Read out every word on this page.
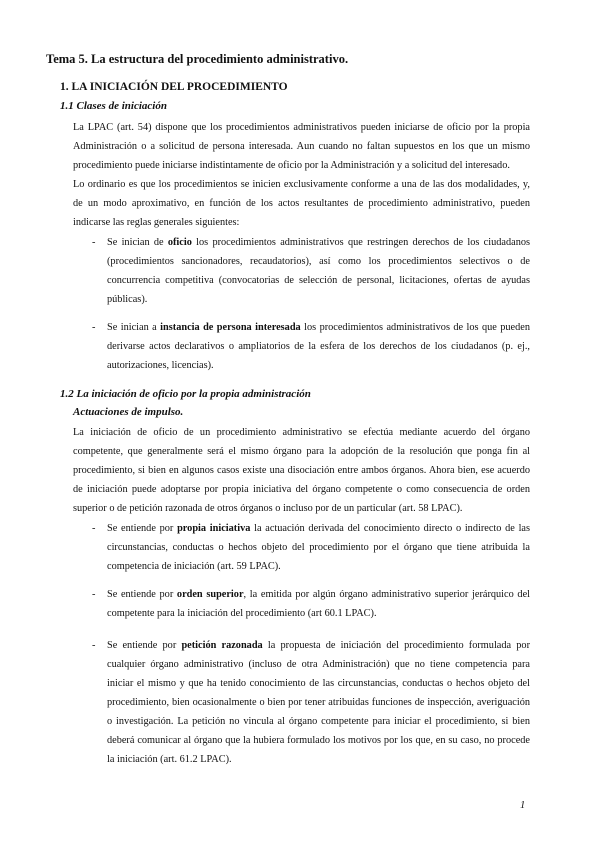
Tema 5. La estructura del procedimiento administrativo.
1. LA INICIACIÓN DEL PROCEDIMIENTO
1.1 Clases de iniciación

La LPAC (art. 54) dispone que los procedimientos administrativos pueden iniciarse de oficio por la propia Administración o a solicitud de persona interesada. Aun cuando no faltan supuestos en los que un mismo procedimiento puede iniciarse indistintamente de oficio por la Administración y a solicitud del interesado.

Lo ordinario es que los procedimientos se inicien exclusivamente conforme a una de las dos modalidades, y, de un modo aproximativo, en función de los actos resultantes de procedimiento administrativo, pueden indicarse las reglas generales siguientes:

- Se inician de oficio los procedimientos administrativos que restringen derechos de los ciudadanos (procedimientos sancionadores, recaudatorios), así como los procedimientos selectivos o de concurrencia competitiva (convocatorias de selección de personal, licitaciones, ofertas de ayudas públicas).

- Se inician a instancia de persona interesada los procedimientos administrativos de los que pueden derivarse actos declarativos o ampliatorios de la esfera de los derechos de los ciudadanos (p. ej., autorizaciones, licencias).

1.2 La iniciación de oficio por la propia administración
Actuaciones de impulso.

La iniciación de oficio de un procedimiento administrativo se efectúa mediante acuerdo del órgano competente, que generalmente será el mismo órgano para la adopción de la resolución que ponga fin al procedimiento, si bien en algunos casos existe una disociación entre ambos órganos. Ahora bien, ese acuerdo de iniciación puede adoptarse por propia iniciativa del órgano competente o como consecuencia de orden superior o de petición razonada de otros órganos o incluso por de un particular (art. 58 LPAC).

- Se entiende por propia iniciativa la actuación derivada del conocimiento directo o indirecto de las circunstancias, conductas o hechos objeto del procedimiento por el órgano que tiene atribuida la competencia de iniciación (art. 59 LPAC).

- Se entiende por orden superior, la emitida por algún órgano administrativo superior jerárquico del competente para la iniciación del procedimiento (art 60.1 LPAC).

- Se entiende por petición razonada la propuesta de iniciación del procedimiento formulada por cualquier órgano administrativo (incluso de otra Administración) que no tiene competencia para iniciar el mismo y que ha tenido conocimiento de las circunstancias, conductas o hechos objeto del procedimiento, bien ocasionalmente o bien por tener atribuidas funciones de inspección, averiguación o investigación. La petición no vincula al órgano competente para iniciar el procedimiento, si bien deberá comunicar al órgano que la hubiera formulado los motivos por los que, en su caso, no procede la iniciación (art. 61.2 LPAC).

1
